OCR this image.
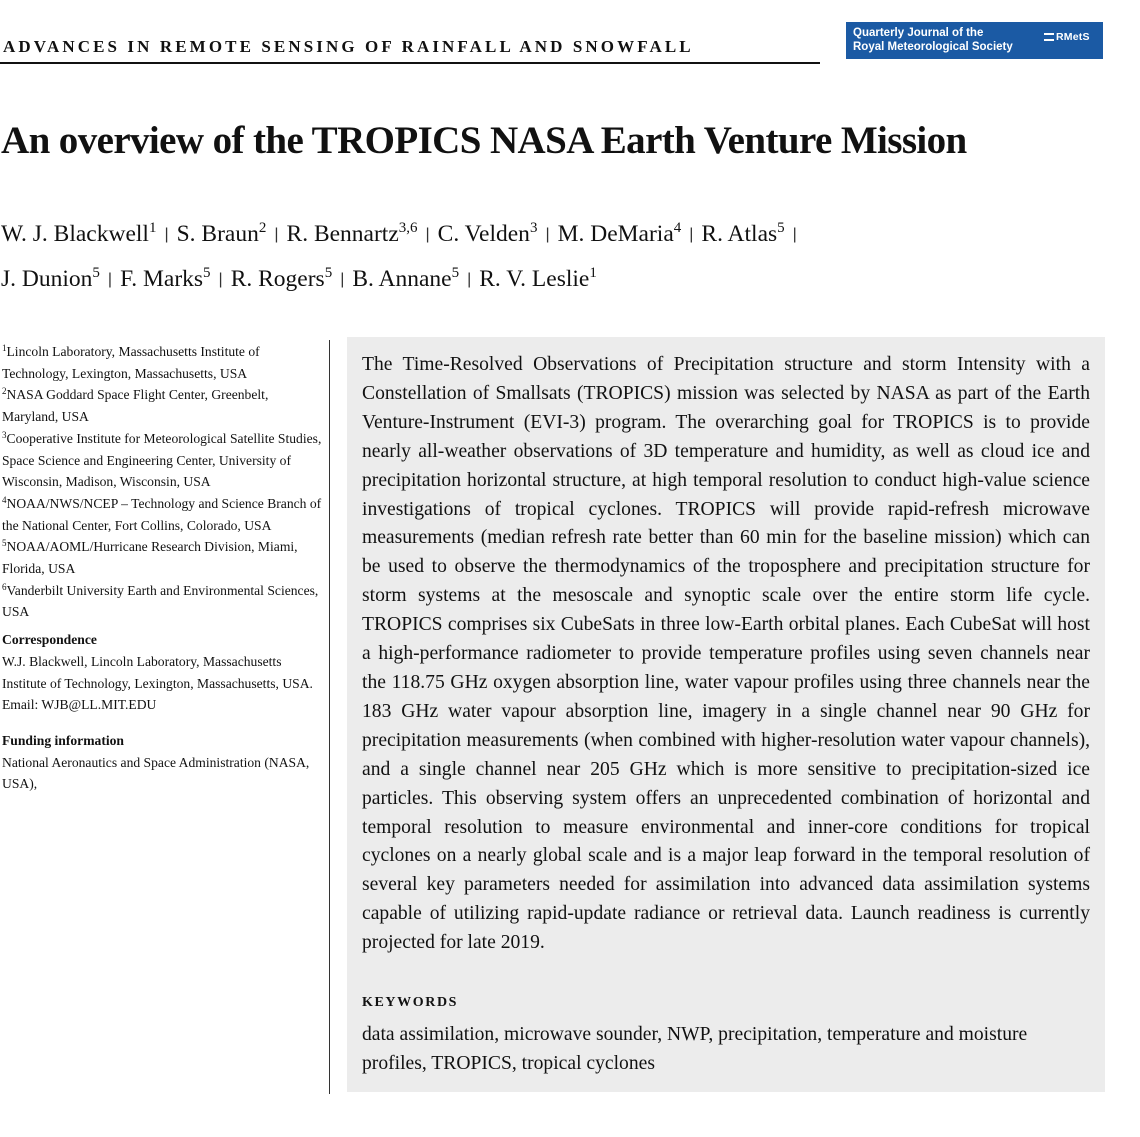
ADVANCES IN REMOTE SENSING OF RAINFALL AND SNOWFALL
Quarterly Journal of the
Royal Meteorological Society
RMetS
An overview of the TROPICS NASA Earth Venture Mission
W. J. Blackwell$^1$ | S. Braun$^2$ | R. Bennartz$^{3,6}$ | C. Velden$^3$ | M. DeMaria$^4$ | R. Atlas$^5$ |
J. Dunion$^5$ | F. Marks$^5$ | R. Rogers$^5$ | B. Annane$^5$ | R. V. Leslie$^1$

$^1$Lincoln Laboratory, Massachusetts Institute of Technology, Lexington, Massachusetts, USA

$^2$NASA Goddard Space Flight Center, Greenbelt, Maryland, USA

$^3$Cooperative Institute for Meteorological Satellite Studies, Space Science and Engineering Center, University of Wisconsin, Madison, Wisconsin, USA

$^4$NOAA/NWS/NCEP – Technology and Science Branch of the National Center, Fort Collins, Colorado, USA

$^5$NOAA/AOML/Hurricane Research Division, Miami, Florida, USA

$^6$Vanderbilt University Earth and Environmental Sciences, USA

Correspondence

W.J. Blackwell, Lincoln Laboratory, Massachusetts Institute of Technology, Lexington, Massachusetts, USA.

Email: WJB@LL.MIT.EDU

Funding information

National Aeronautics and Space Administration (NASA, USA),

The Time-Resolved Observations of Precipitation structure and storm Intensity with a Constellation of Smallsats (TROPICS) mission was selected by NASA as part of the Earth Venture-Instrument (EVI-3) program. The overarching goal for TROPICS is to provide nearly all-weather observations of 3D temperature and humidity, as well as cloud ice and precipitation horizontal structure, at high temporal resolution to conduct high-value science investigations of tropical cyclones. TROPICS will provide rapid-refresh microwave measurements (median refresh rate better than 60 min for the baseline mission) which can be used to observe the thermodynamics of the troposphere and precipitation structure for storm systems at the mesoscale and synoptic scale over the entire storm life cycle. TROPICS comprises six CubeSats in three low-Earth orbital planes. Each CubeSat will host a high-performance radiometer to provide temperature profiles using seven channels near the 118.75 GHz oxygen absorption line, water vapour profiles using three channels near the 183 GHz water vapour absorption line, imagery in a single channel near 90 GHz for precipitation measurements (when combined with higher-resolution water vapour channels), and a single channel near 205 GHz which is more sensitive to precipitation-sized ice particles. This observing system offers an unprecedented combination of horizontal and temporal resolution to measure environmental and inner-core conditions for tropical cyclones on a nearly global scale and is a major leap forward in the temporal resolution of several key parameters needed for assimilation into advanced data assimilation systems capable of utilizing rapid-update radiance or retrieval data. Launch readiness is currently projected for late 2019.

KEYWORDS

data assimilation, microwave sounder, NWP, precipitation, temperature and moisture profiles, TROPICS, tropical cyclones
